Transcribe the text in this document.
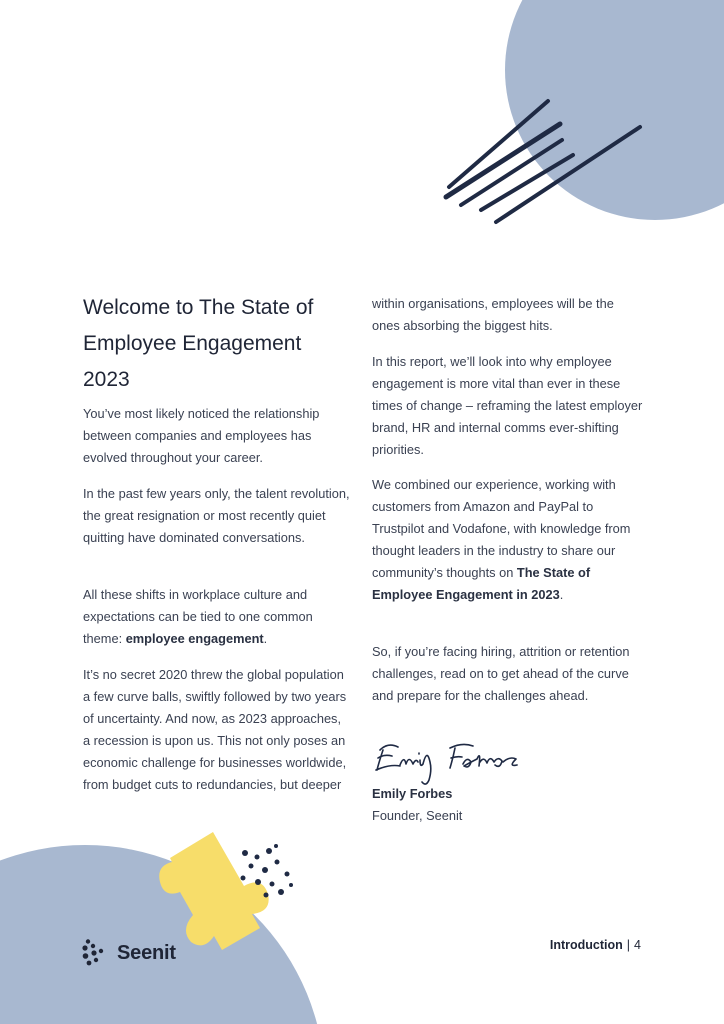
Welcome to The State of Employee Engagement 2023

You’ve most likely noticed the relationship between companies and employees has evolved throughout your career.

In the past few years only, the talent revolution, the great resignation or most recently quiet quitting have dominated conversations.

All these shifts in workplace culture and expectations can be tied to one common theme: employee engagement.

It’s no secret 2020 threw the global population a few curve balls, swiftly followed by two years of uncertainty. And now, as 2023 approaches, a recession is upon us. This not only poses an economic challenge for businesses worldwide, from budget cuts to redundancies, but deeper

within organisations, employees will be the ones absorbing the biggest hits.

In this report, we’ll look into why employee engagement is more vital than ever in these times of change – reframing the latest employer brand, HR and internal comms ever-shifting priorities.

We combined our experience, working with customers from Amazon and PayPal to Trustpilot and Vodafone, with knowledge from thought leaders in the industry to share our community’s thoughts on The State of Employee Engagement in 2023.

So, if you’re facing hiring, attrition or retention challenges, read on to get ahead of the curve and prepare for the challenges ahead.

Emily Forbes
Founder, Seenit
Seenit	Introduction | 4
